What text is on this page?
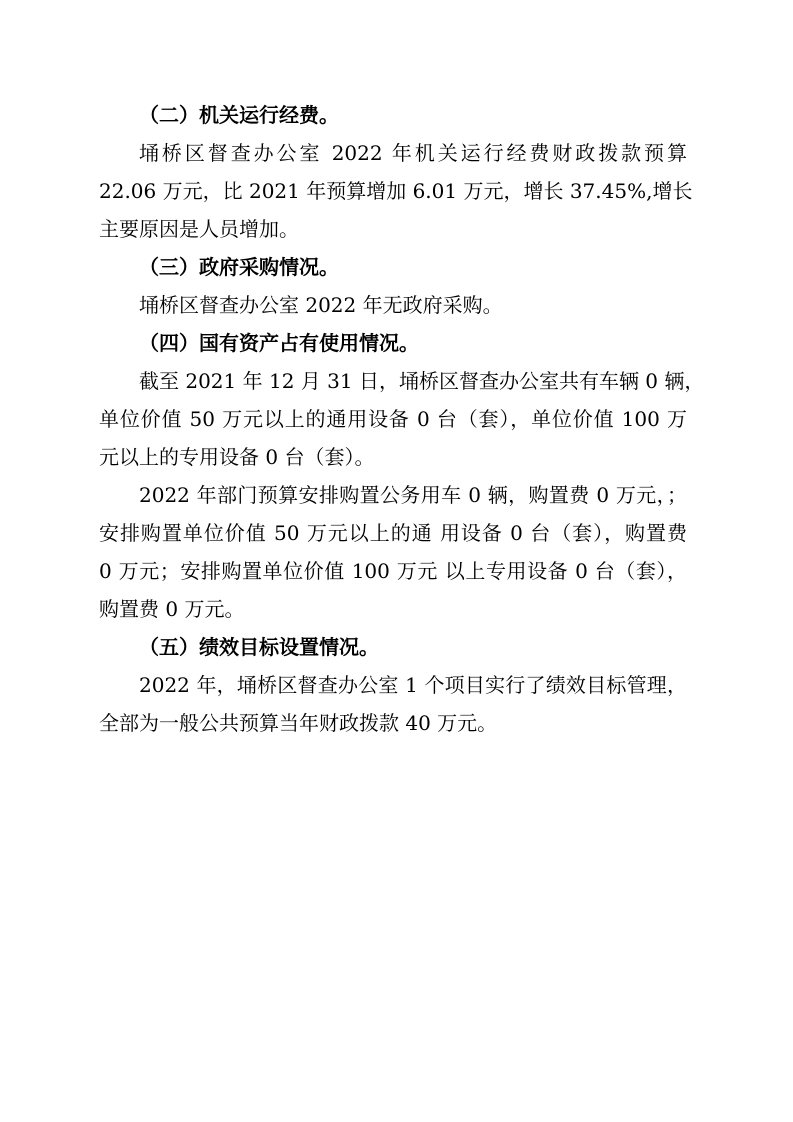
（二）机关运行经费。
埇桥区督查办公室 2022 年机关运行经费财政拨款预算
22.06 万元，比 2021 年预算增加 6.01 万元，增长 37.45%,增长
主要原因是人员增加。
（三）政府采购情况。
埇桥区督查办公室 2022 年无政府采购。
（四）国有资产占有使用情况。
截至 2021 年 12 月 31 日，埇桥区督查办公室共有车辆 0 辆，
单位价值 50 万元以上的通用设备 0 台（套），单位价值 100 万
元以上的专用设备 0 台（套）。
2022 年部门预算安排购置公务用车 0 辆，购置费 0 万元，；
安排购置单位价值 50 万元以上的通 用设备 0 台（套），购置费
0 万元；安排购置单位价值 100 万元 以上专用设备 0 台（套），
购置费 0 万元。
（五）绩效目标设置情况。
2022 年，埇桥区督查办公室 1 个项目实行了绩效目标管理，
全部为一般公共预算当年财政拨款 40 万元。
